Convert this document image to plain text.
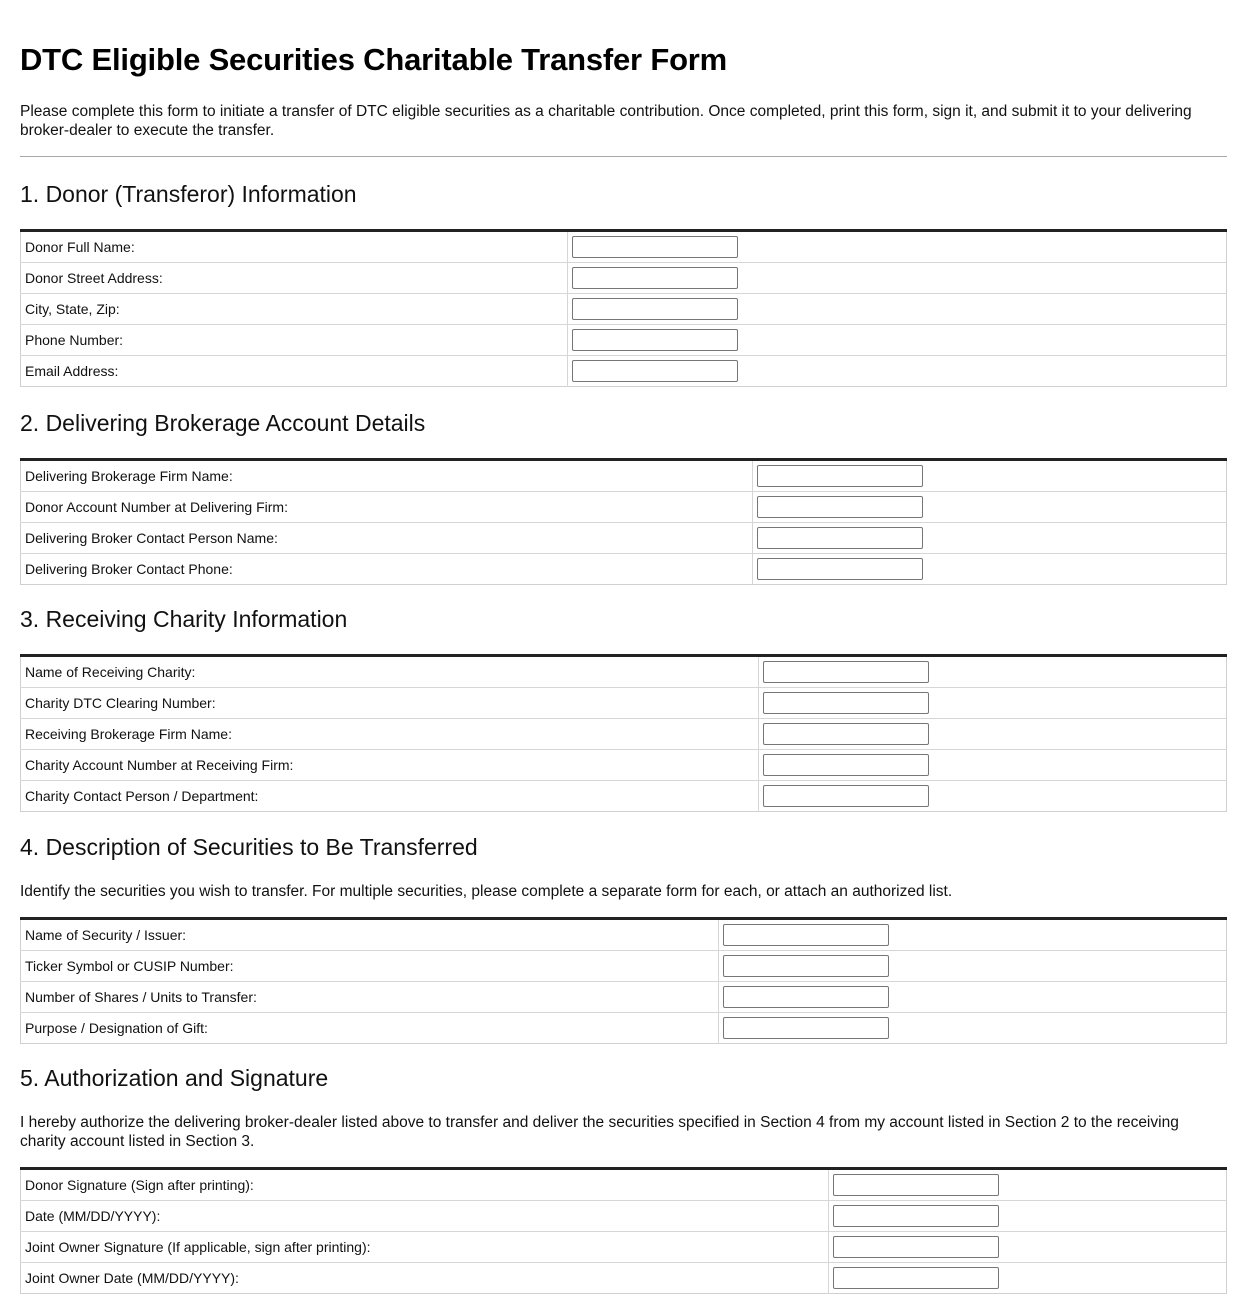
DTC Eligible Securities Charitable Transfer Form

Please complete this form to initiate a transfer of DTC eligible securities as a charitable contribution. Once completed, print this form, sign it, and submit it to your delivering broker-dealer to execute the transfer.

1. Donor (Transferor) Information
Donor Full Name:	

Donor Street Address:	

City, State, Zip:	

Phone Number:	

Email Address:	
2. Delivering Brokerage Account Details
Delivering Brokerage Firm Name:	

Donor Account Number at Delivering Firm:	

Delivering Broker Contact Person Name:	

Delivering Broker Contact Phone:	
3. Receiving Charity Information
Name of Receiving Charity:	

Charity DTC Clearing Number:	

Receiving Brokerage Firm Name:	

Charity Account Number at Receiving Firm:	

Charity Contact Person / Department:	
4. Description of Securities to Be Transferred

Identify the securities you wish to transfer. For multiple securities, please complete a separate form for each, or attach an authorized list.

Name of Security / Issuer:	

Ticker Symbol or CUSIP Number:	

Number of Shares / Units to Transfer:	

Purpose / Designation of Gift:	
5. Authorization and Signature

I hereby authorize the delivering broker-dealer listed above to transfer and deliver the securities specified in Section 4 from my account listed in Section 2 to the receiving charity account listed in Section 3.

Donor Signature (Sign after printing):	

Date (MM/DD/YYYY):	

Joint Owner Signature (If applicable, sign after printing):	

Joint Owner Date (MM/DD/YYYY):	
